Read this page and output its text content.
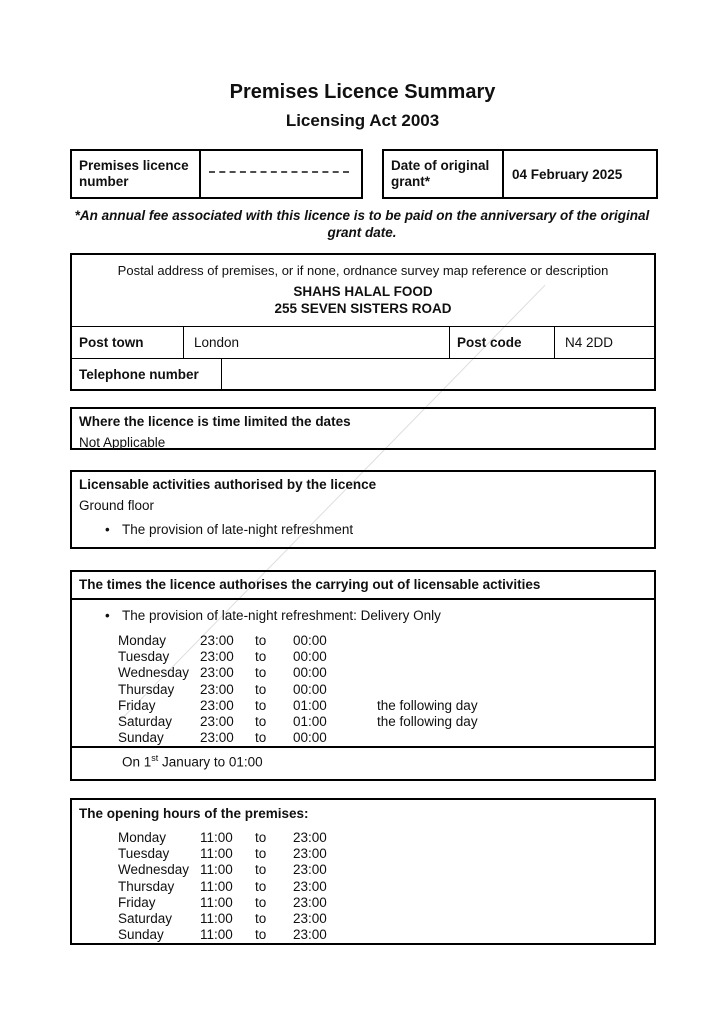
Premises Licence Summary
Licensing Act 2003
Premises licence number
Date of original grant*	04 February 2025
*An annual fee associated with this licence is to be paid on the anniversary of the original grant date.
Postal address of premises, or if none, ordnance survey map reference or description
SHAHS HALAL FOOD
255 SEVEN SISTERS ROAD
Post town	London	Post code	N4 2DD
Telephone number
Where the licence is time limited the dates
Not Applicable
Licensable activities authorised by the licence
Ground floor
• The provision of late-night refreshment
The times the licence authorises the carrying out of licensable activities
• The provision of late-night refreshment: Delivery Only
Monday	23:00	to	00:00
Tuesday	23:00	to	00:00
Wednesday 23:00	to	00:00
Thursday	23:00	to	00:00
Friday	23:00	to	01:00	the following day
Saturday	23:00	to	01:00	the following day
Sunday	23:00	to	00:00
On 1st January to 01:00
The opening hours of the premises:
Monday	11:00	to	23:00
Tuesday	11:00	to	23:00
Wednesday 11:00	to	23:00
Thursday	11:00	to	23:00
Friday	11:00	to	23:00
Saturday	11:00	to	23:00
Sunday	11:00	to	23:00
